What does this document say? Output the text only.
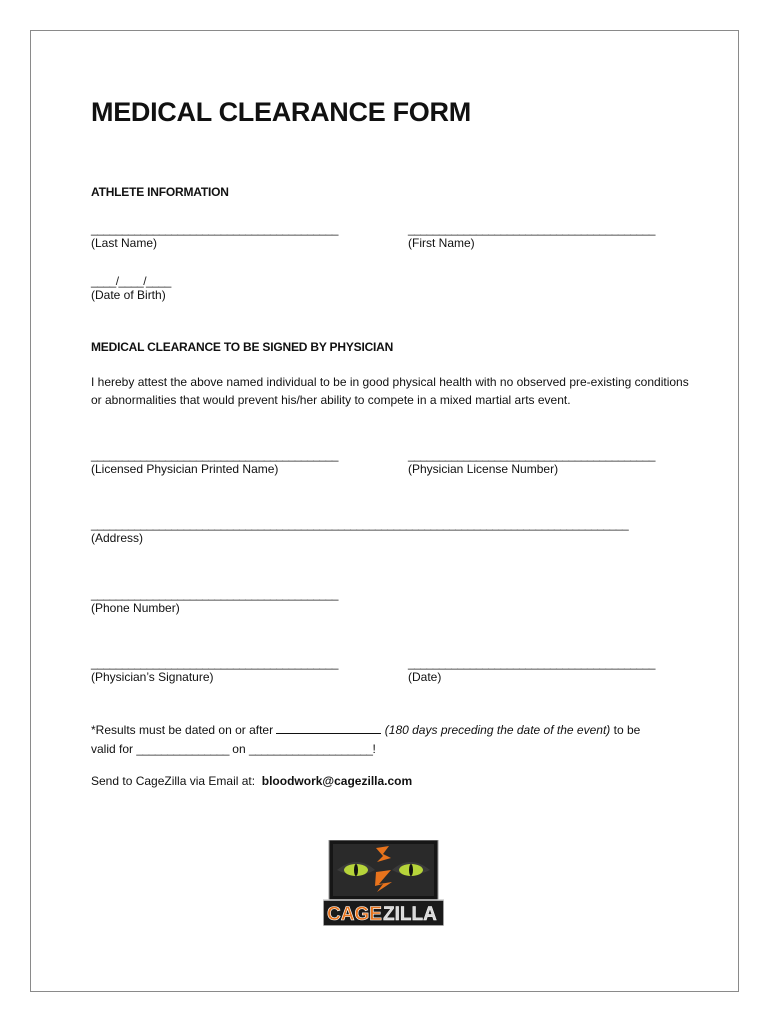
MEDICAL CLEARANCE FORM
ATHLETE INFORMATION
________________________________________
(Last Name)
________________________________________
(First Name)
____/____/____
(Date of Birth)
MEDICAL CLEARANCE TO BE SIGNED BY PHYSICIAN
I hereby attest the above named individual to be in good physical health with no observed pre-existing conditions or abnormalities that would prevent his/her ability to compete in a mixed martial arts event.
________________________________________
(Licensed Physician Printed Name)
________________________________________
(Physician License Number)
_______________________________________________________________________________________
(Address)
________________________________________
(Phone Number)
________________________________________
(Physician’s Signature)
________________________________________
(Date)
*Results must be dated on or after	(180 days preceding the date of the event) to be
valid for _______________ on ____________________!
Send to CageZilla via Email at: bloodwork@cagezilla.com
CAGE ZILLA
